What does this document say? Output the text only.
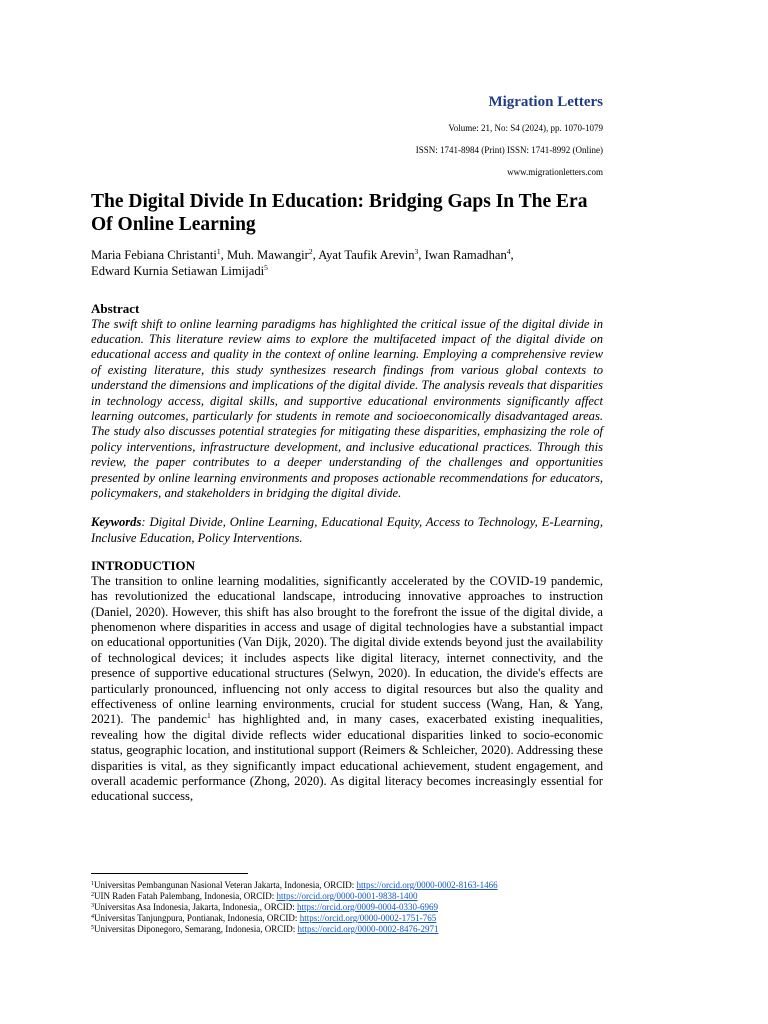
Migration Letters
Volume: 21, No: S4 (2024), pp. 1070-1079
ISSN: 1741-8984 (Print) ISSN: 1741-8992 (Online)
www.migrationletters.com
The Digital Divide In Education: Bridging Gaps In The Era Of Online Learning
Maria Febiana Christanti$^1$, Muh. Mawangir$^2$, Ayat Taufik Arevin$^3$, Iwan Ramadhan$^4$,
Edward Kurnia Setiawan Limijadi$^5$
Abstract
The swift shift to online learning paradigms has highlighted the critical issue of the digital divide in education. This literature review aims to explore the multifaceted impact of the digital divide on educational access and quality in the context of online learning. Employing a comprehensive review of existing literature, this study synthesizes research findings from various global contexts to understand the dimensions and implications of the digital divide. The analysis reveals that disparities in technology access, digital skills, and supportive educational environments significantly affect learning outcomes, particularly for students in remote and socioeconomically disadvantaged areas. The study also discusses potential strategies for mitigating these disparities, emphasizing the role of policy interventions, infrastructure development, and inclusive educational practices. Through this review, the paper contributes to a deeper understanding of the challenges and opportunities presented by online learning environments and proposes actionable recommendations for educators, policymakers, and stakeholders in bridging the digital divide.
Keywords: Digital Divide, Online Learning, Educational Equity, Access to Technology, E-Learning, Inclusive Education, Policy Interventions.
INTRODUCTION
The transition to online learning modalities, significantly accelerated by the COVID-19 pandemic, has revolutionized the educational landscape, introducing innovative approaches to instruction (Daniel, 2020). However, this shift has also brought to the forefront the issue of the digital divide, a phenomenon where disparities in access and usage of digital technologies have a substantial impact on educational opportunities (Van Dijk, 2020). The digital divide extends beyond just the availability of technological devices; it includes aspects like digital literacy, internet connectivity, and the presence of supportive educational structures (Selwyn, 2020). In education, the divide's effects are particularly pronounced, influencing not only access to digital resources but also the quality and effectiveness of online learning environments, crucial for student success (Wang, Han, & Yang, 2021). The pandemic$^1$ has highlighted and, in many cases, exacerbated existing inequalities, revealing how the digital divide reflects wider educational disparities linked to socio-economic status, geographic location, and institutional support (Reimers & Schleicher, 2020). Addressing these disparities is vital, as they significantly impact educational achievement, student engagement, and overall academic performance (Zhong, 2020). As digital literacy becomes increasingly essential for educational success,
$^1$Universitas Pembangunan Nasional Veteran Jakarta, Indonesia, ORCID: https://orcid.org/0000-0002-8163-1466
$^2$UIN Raden Fatah Palembang, Indonesia, ORCID: https://orcid.org/0000-0001-9838-1400
$^3$Universitas Asa Indonesia, Jakarta, Indonesia,, ORCID: https://orcid.org/0009-0004-0330-6969
$^4$Universitas Tanjungpura, Pontianak, Indonesia, ORCID: https://orcid.org/0000-0002-1751-765
$^5$Universitas Diponegoro, Semarang, Indonesia, ORCID: https://orcid.org/0000-0002-8476-2971
